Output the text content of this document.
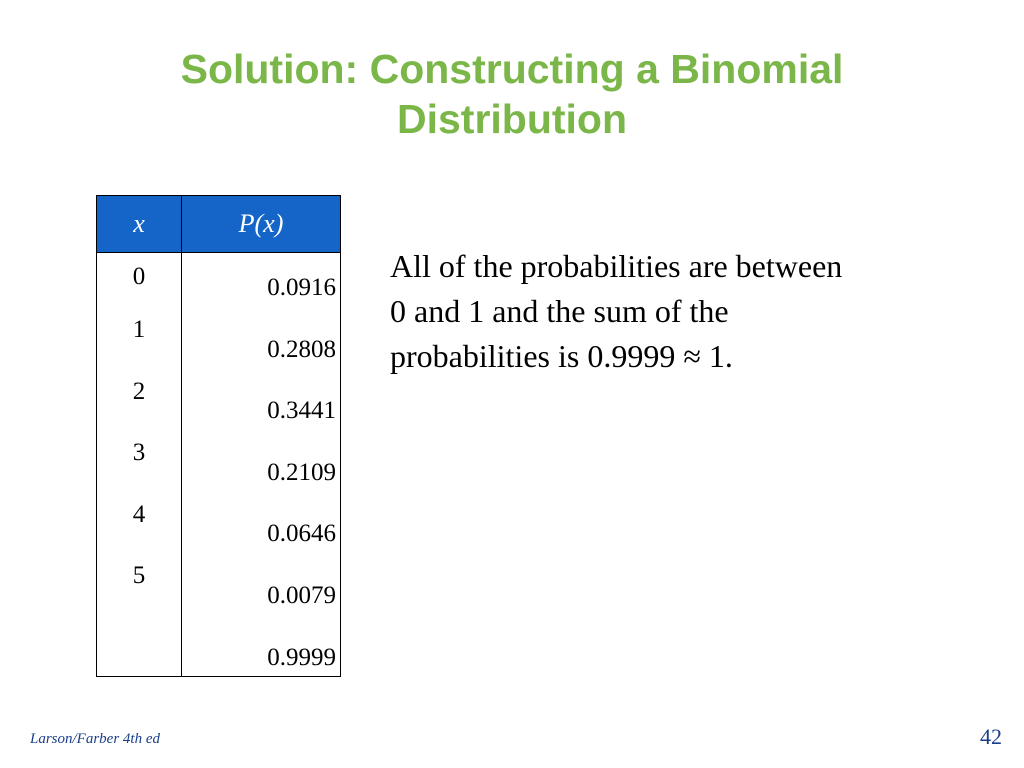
Solution: Constructing a Binomial
Distribution
x	P(x)
0	0.0916
1	0.2808
2	0.3441
3	0.2109
4	0.0646
5	0.0079
	0.9999
All of the probabilities are between
0 and 1 and the sum of the
probabilities is 0.9999 ≈ 1.
Larson/Farber 4th ed	42
